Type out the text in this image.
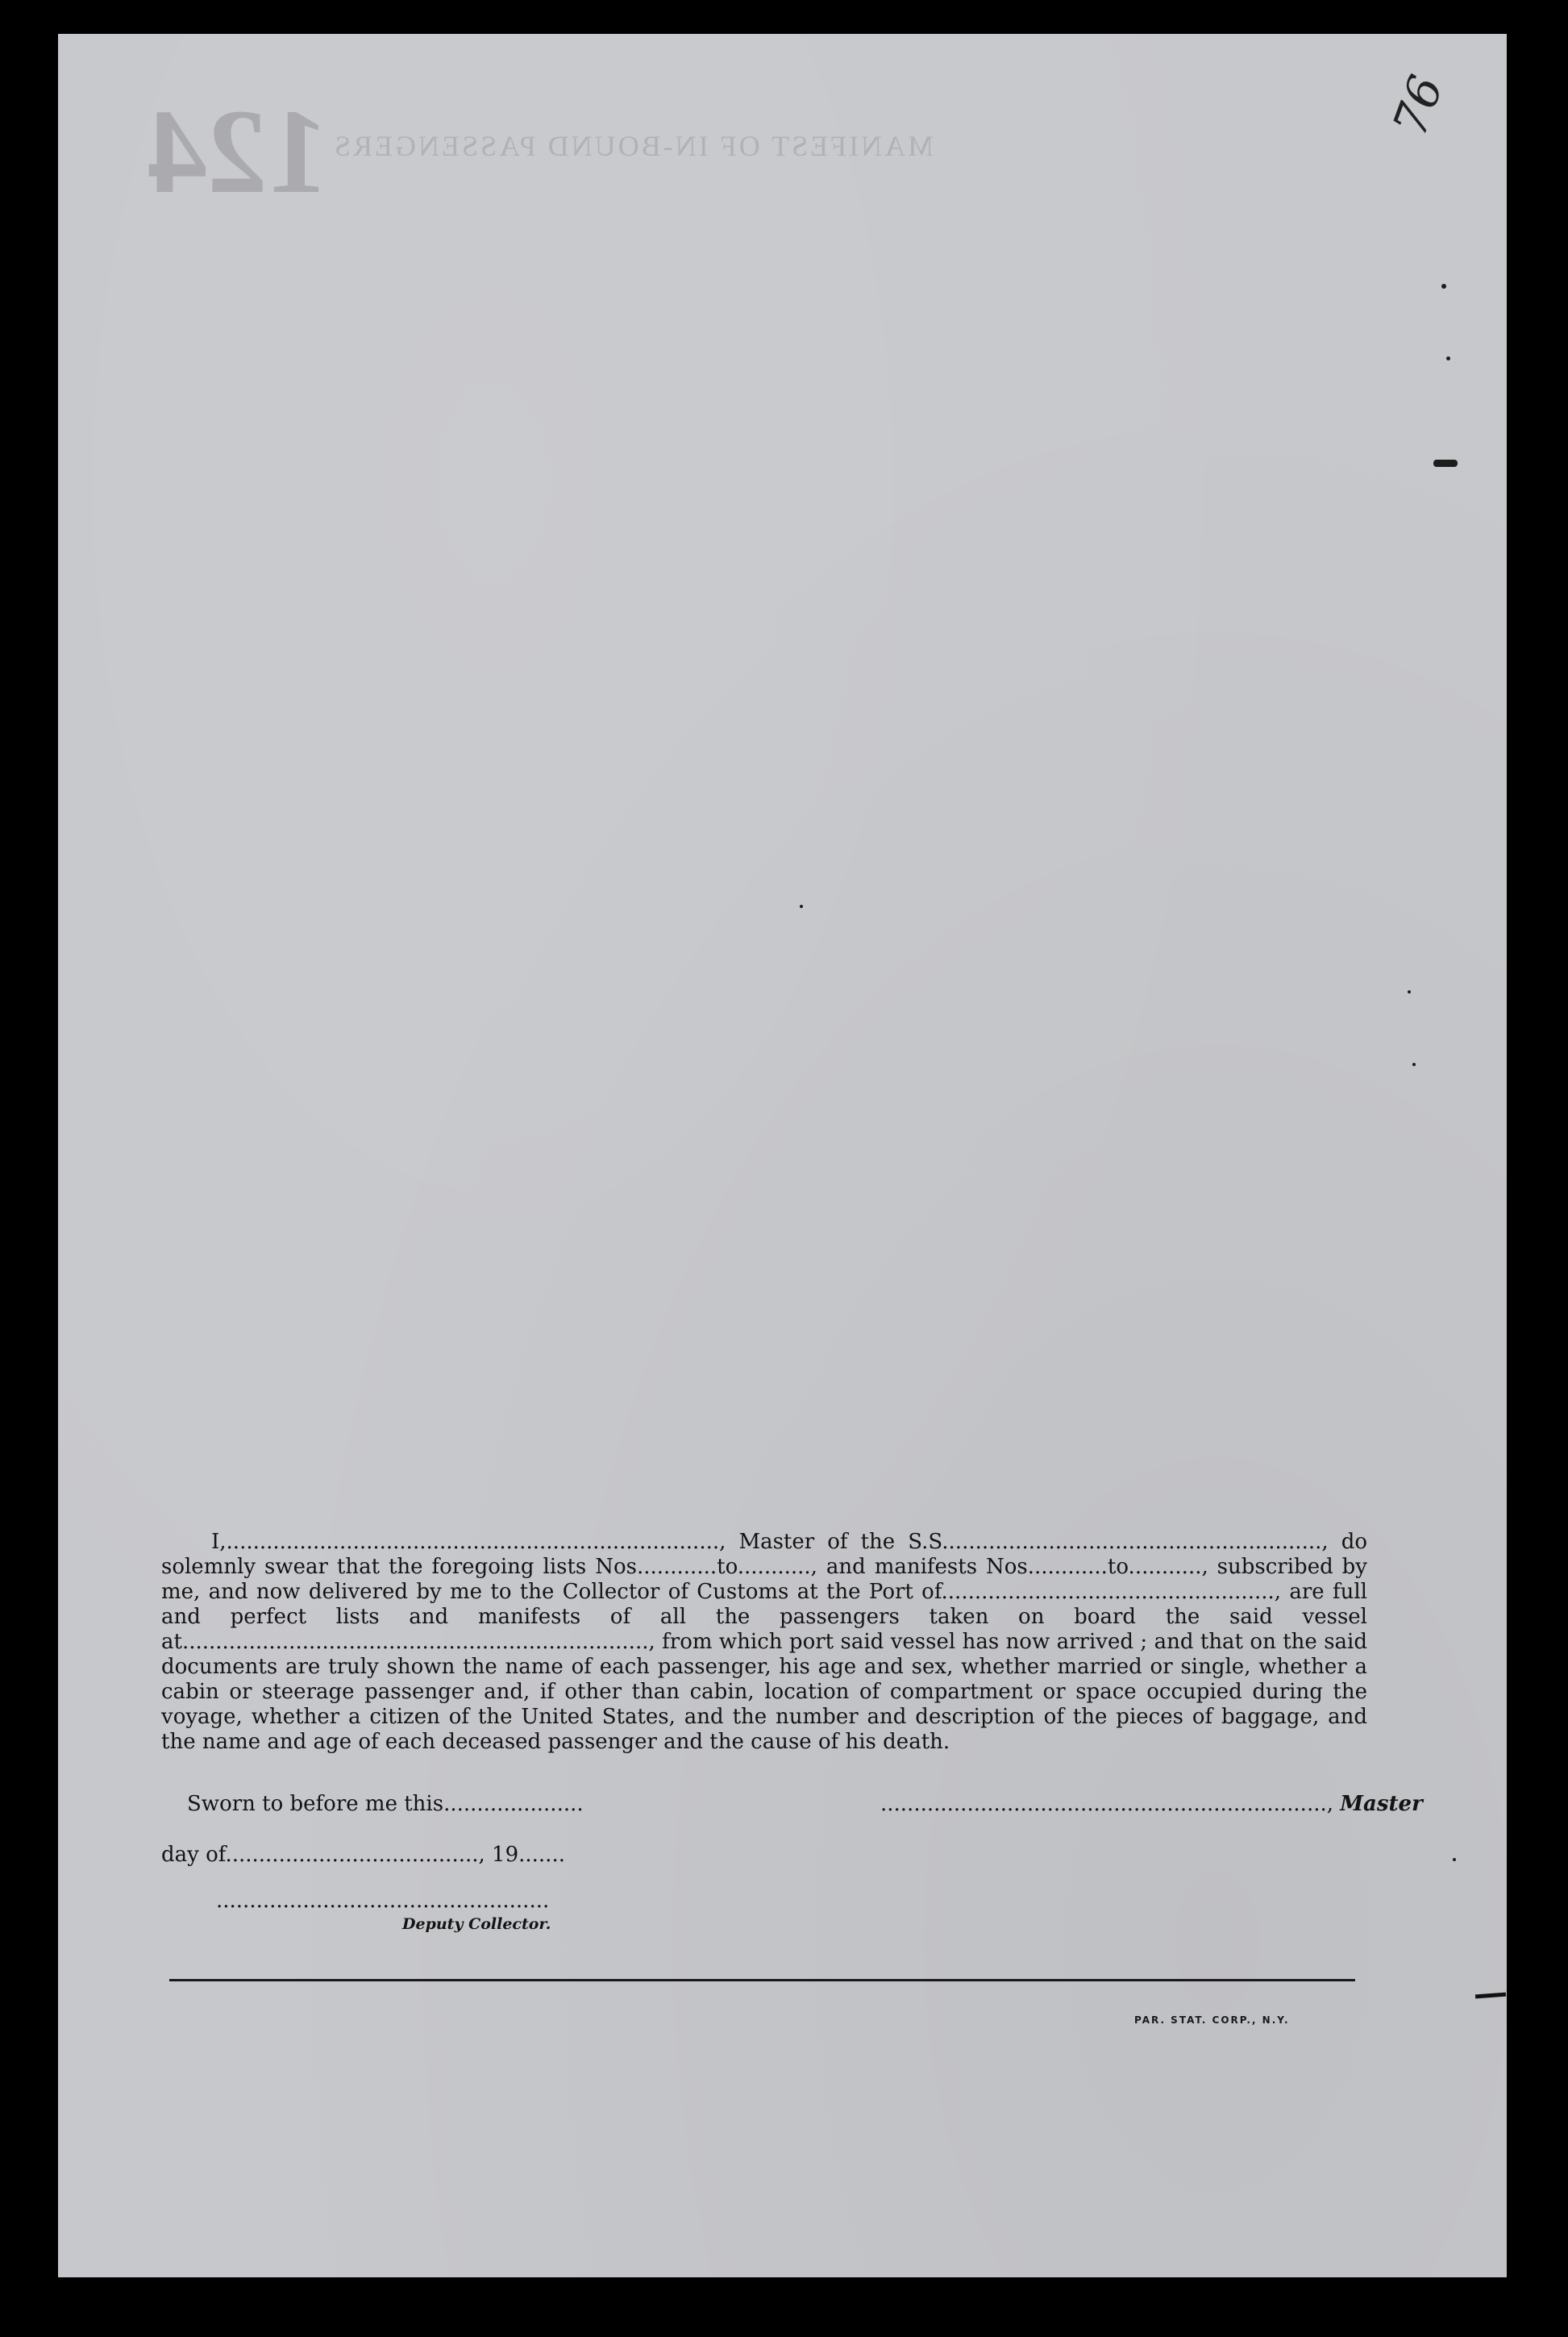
124 MANIFEST OF IN-BOUND PASSENGERS
76

I,.........................................................................., Master of the S.S........................................................., do solemnly swear that the foregoing lists Nos............to..........., and manifests Nos............to..........., subscribed by me, and now delivered by me to the Collector of Customs at the Port of.................................................., are full and perfect lists and manifests of all the passengers taken on board the said vessel at......................................................................, from which port said vessel has now arrived ; and that on the said documents are truly shown the name of each passenger, his age and sex, whether married or single, whether a cabin or steerage passenger and, if other than cabin, location of compartment or space occupied during the voyage, whether a citizen of the United States, and the number and description of the pieces of baggage, and the name and age of each deceased passenger and the cause of his death.

Sworn to before me this.....................	..................................................................., Master
day of......................................, 19.......
..................................................
Deputy Collector.
PAR. STAT. CORP., N.Y.
